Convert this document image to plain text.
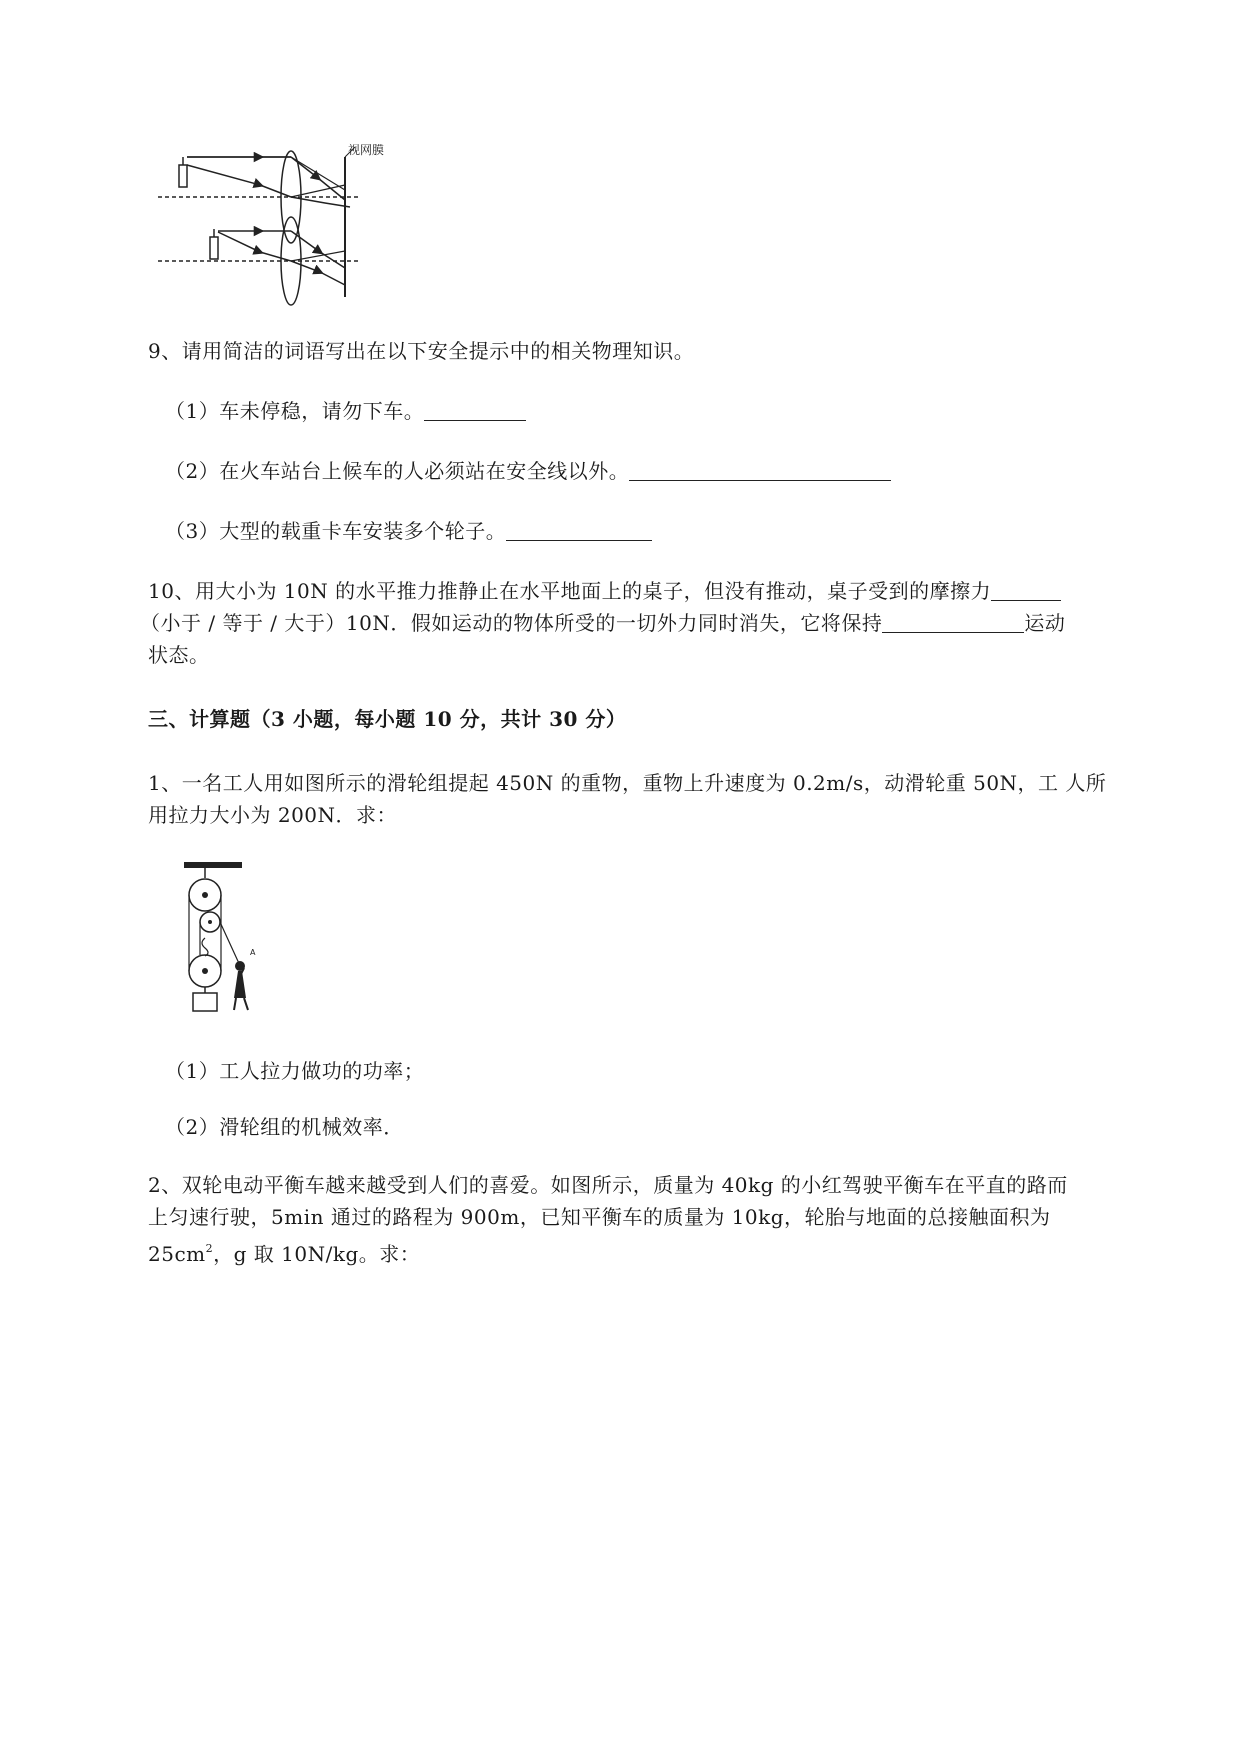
视网膜
9、请用简洁的词语写出在以下安全提示中的相关物理知识。
（1）车未停稳，请勿下车。
（2）在火车站台上候车的人必须站在安全线以外。
（3）大型的载重卡车安装多个轮子。
10、用大小为 10N 的水平推力推静止在水平地面上的桌子，但没有推动，桌子受到的摩擦力
（小于 / 等于 / 大于）10N．假如运动的物体所受的一切外力同时消失，它将保持	运动
状态。
三、计算题（3 小题，每小题 10 分，共计 30 分）
1、一名工人用如图所示的滑轮组提起 450N 的重物，重物上升速度为 0.2m/s，动滑轮重 50N，工 人所
用拉力大小为 200N．求：
A
（1）工人拉力做功的功率；
（2）滑轮组的机械效率．
2、双轮电动平衡车越来越受到人们的喜爱。如图所示，质量为 40kg 的小红驾驶平衡车在平直的路而
上匀速行驶，5min 通过的路程为 900m，已知平衡车的质量为 10kg，轮胎与地面的总接触面积为
$25cm^2$，g 取 10N/kg。求：
